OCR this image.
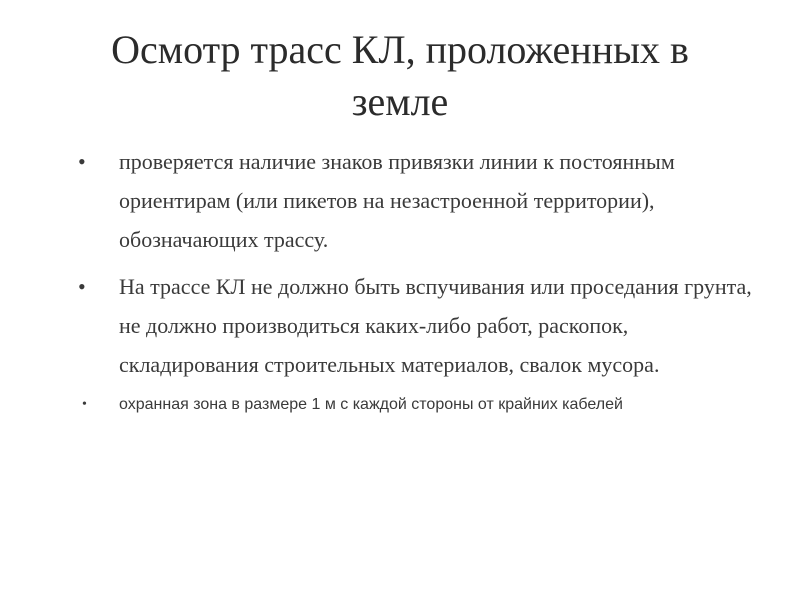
Осмотр трасс КЛ, проложенных в земле
• проверяется наличие знаков привязки линии к постоянным ориентирам (или пикетов на незастроенной территории), обозначающих трассу.
• На трассе КЛ не должно быть вспучивания или проседания грунта, не должно производиться каких-либо работ, раскопок, складирования строительных материалов, свалок мусора.
• охранная зона в размере 1 м с каждой стороны от крайних кабелей
